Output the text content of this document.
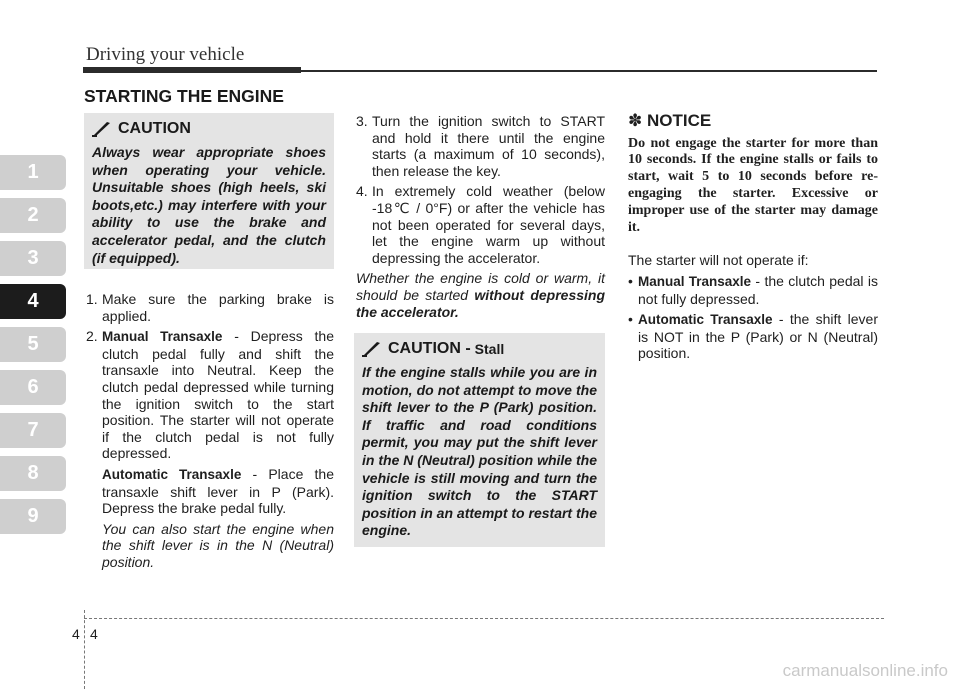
Driving your vehicle
1
2
3
4
5
6
7
8
9
STARTING THE ENGINE
CAUTION
Always wear appropriate shoes when operating your vehicle. Unsuitable shoes (high heels, ski boots,etc.) may interfere with your ability to use the brake and accelerator pedal, and the clutch (if equipped).
1. Make sure the parking brake is applied.
2. Manual Transaxle - Depress the clutch pedal fully and shift the transaxle into Neutral. Keep the clutch pedal depressed while turning the ignition switch to the start position. The starter will not operate if the clutch pedal is not fully depressed.
Automatic Transaxle - Place the transaxle shift lever in P (Park). Depress the brake pedal fully.
You can also start the engine when the shift lever is in the N (Neutral) position.
3. Turn the ignition switch to START and hold it there until the engine starts (a maximum of 10 seconds), then release the key.
4. In extremely cold weather (below -18℃ / 0°F) or after the vehicle has not been operated for several days, let the engine warm up without depressing the accelerator.
Whether the engine is cold or warm, it should be started without depressing the accelerator.
CAUTION - Stall
If the engine stalls while you are in motion, do not attempt to move the shift lever to the P (Park) position. If traffic and road conditions permit, you may put the shift lever in the N (Neutral) position while the vehicle is still moving and turn the ignition switch to the START position in an attempt to restart the engine.
✽ NOTICE
Do not engage the starter for more than 10 seconds. If the engine stalls or fails to start, wait 5 to 10 seconds before re-engaging the starter. Excessive or improper use of the starter may damage it.
The starter will not operate if:
• Manual Transaxle - the clutch pedal is not fully depressed.
• Automatic Transaxle - the shift lever is NOT in the P (Park) or N (Neutral) position.
4 4
carmanualsonline.info
